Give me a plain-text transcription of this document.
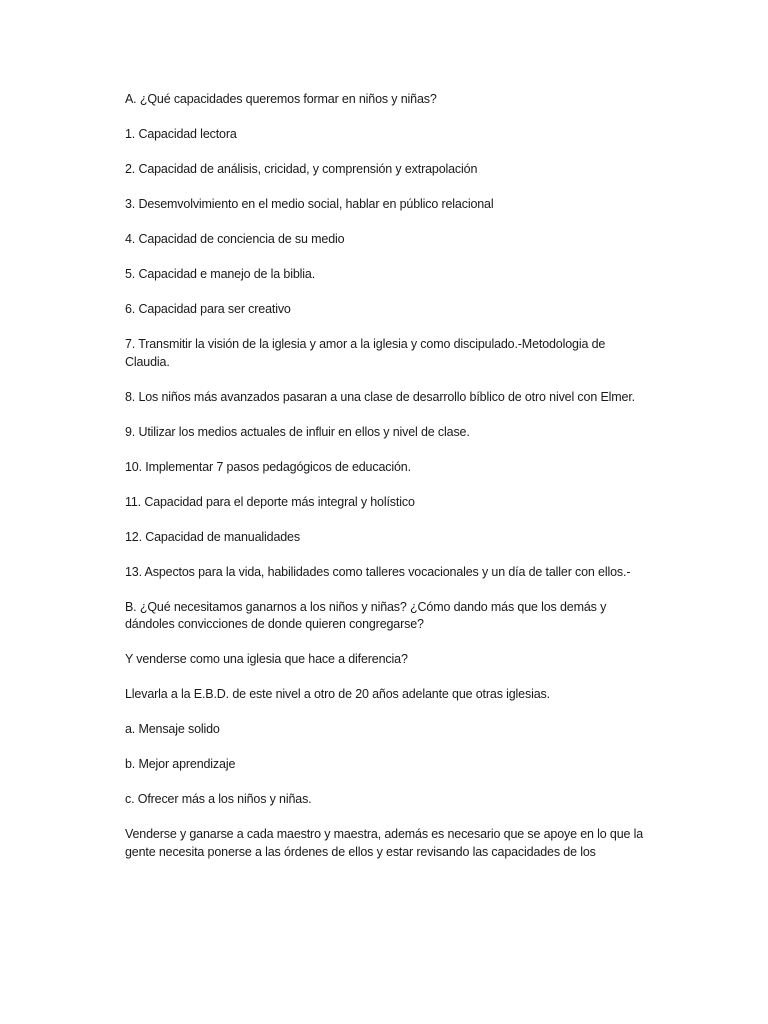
A. ¿Qué capacidades queremos formar en niños y niñas?

1. Capacidad lectora

2. Capacidad de análisis, cricidad, y comprensión y extrapolación

3. Desemvolvimiento en el medio social, hablar en público relacional

4. Capacidad de conciencia de su medio

5. Capacidad e manejo de la biblia.

6. Capacidad para ser creativo

7. Transmitir la visión de la iglesia y amor a la iglesia y como discipulado.-Metodologia de Claudia.

8. Los niños más avanzados pasaran a una clase de desarrollo bíblico de otro nivel con Elmer.

9. Utilizar los medios actuales de influir en ellos y nivel de clase.

10. Implementar 7 pasos pedagógicos de educación.

11. Capacidad para el deporte más integral y holístico

12. Capacidad de manualidades

13. Aspectos para la vida, habilidades como talleres vocacionales y un día de taller con ellos.-

B. ¿Qué necesitamos ganarnos a los niños y niñas? ¿Cómo dando más que los demás y dándoles convicciones de donde quieren congregarse?

Y venderse como una iglesia que hace a diferencia?

Llevarla a la E.B.D. de este nivel a otro de 20 años adelante que otras iglesias.

a. Mensaje solido

b. Mejor aprendizaje

c. Ofrecer más a los niños y niñas.

Venderse y ganarse a cada maestro y maestra, además es necesario que se apoye en lo que la gente necesita ponerse a las órdenes de ellos y estar revisando las capacidades de los
